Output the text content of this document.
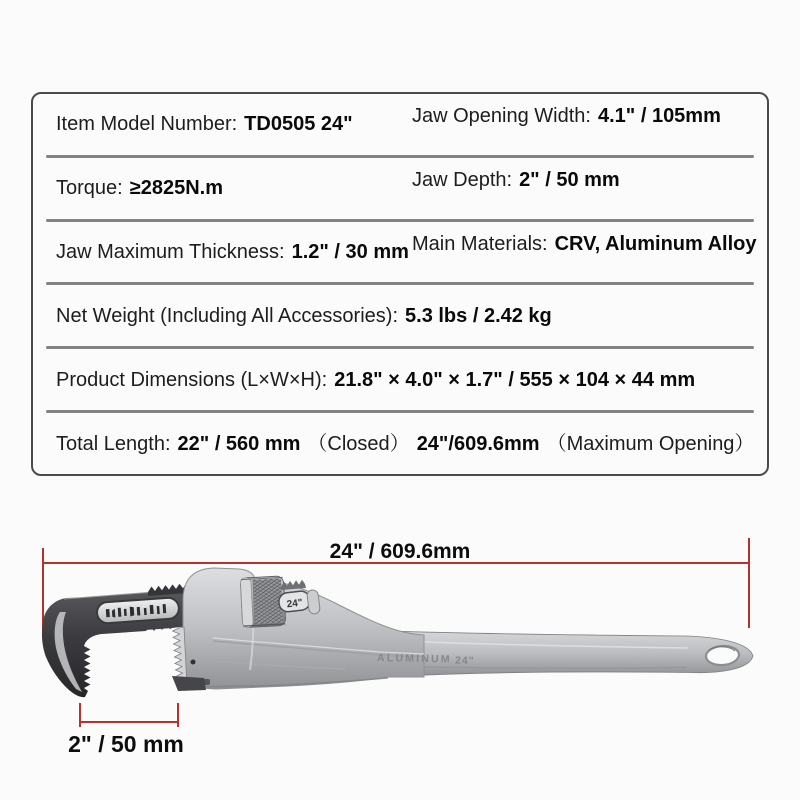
Item Model Number: TD0505 24"	Jaw Opening Width: 4.1" / 105mm
Torque: ≥2825N.m	Jaw Depth: 2" / 50 mm
Jaw Maximum Thickness: 1.2" / 30 mm Main Materials: CRV, Aluminum Alloy
Net Weight (Including All Accessories): 5.3 lbs / 2.42 kg
Product Dimensions (L×W×H): 21.8" × 4.0" × 1.7" / 555 × 104 × 44 mm
Total Length: 22" / 560 mm （Closed） 24"/609.6mm （Maximum Opening）
24" / 609.6mm
24"
ALUMINUM 24"
2" / 50 mm
